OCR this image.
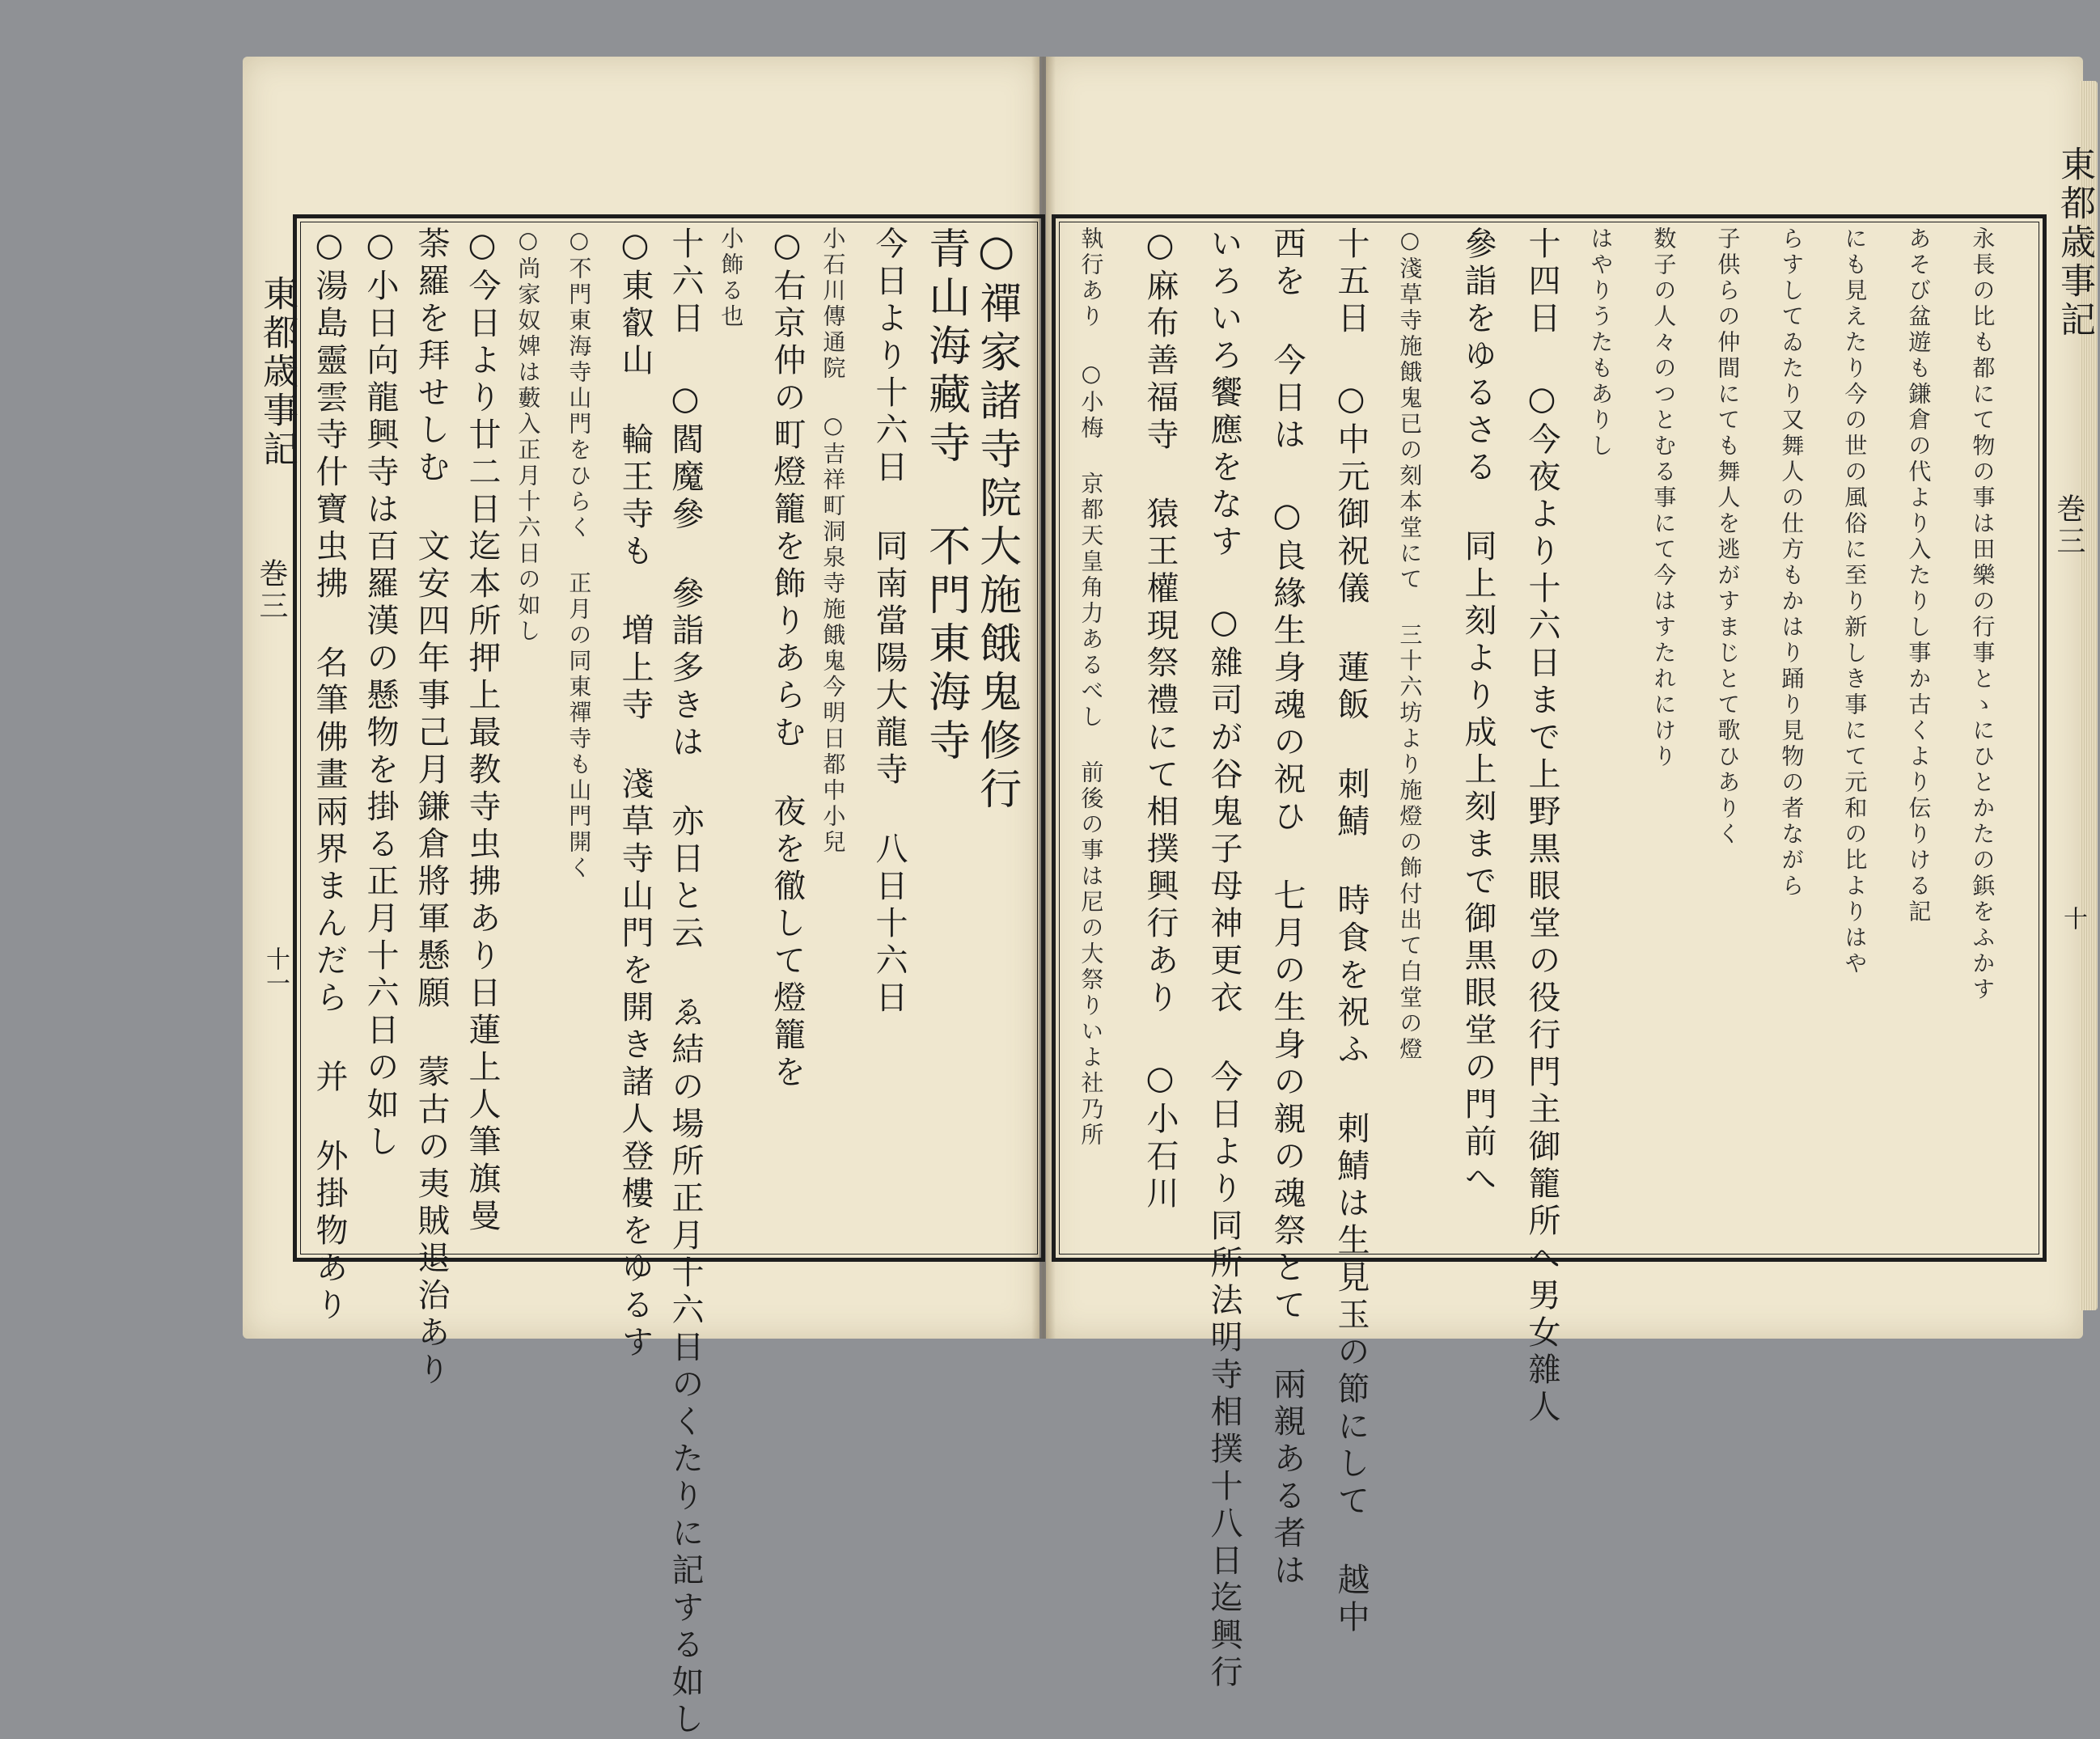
東都歳事記
巻三
十一
東都歳事記
巻三
十
○禪家諸寺院大施餓鬼修行
青山海藏寺 不門東海寺
今日より十六日 同南當陽大龍寺 八日十六日
小石川傳通院 ○吉祥町洞泉寺施餓鬼今明日都中小兒
○右京仲の町燈籠を飾りあらむ 夜を徹して燈籠を
小飾る也
十六日 ○閻魔參 參詣多きは 亦日と云 ゑ結の場所正月十六日のくたりに記する如し
○東叡山 輪王寺も 増上寺 淺草寺山門を開き諸人登樓をゆるす
○不門東海寺山門をひらく 正月の同東禪寺も山門開く
○尚家奴婢は藪入正月十六日の如し
○今日より廿二日迄本所押上最教寺虫拂あり日蓮上人筆旗曼
荼羅を拜せしむ 文安四年事己月鎌倉將軍懸願 蒙古の夷賊退治あり
○小日向龍興寺は百羅漢の懸物を掛る正月十六日の如し
○湯島靈雲寺什寶虫拂 名筆佛畫兩界まんだら 并 外掛物あり	永長の比も都にて物の事は田樂の行事とゝにひとかたの鋲をふかす
あそび盆遊も鎌倉の代より入たりし事か古くより伝りける記
にも見えたり今の世の風俗に至り新しき事にて元和の比よりはや
らすしてゐたり又舞人の仕方もかはり踊り見物の者ながら
子供らの仲間にても舞人を逃がすまじとて歌ひありく
数子の人々のつとむる事にて今はすたれにけり
はやりうたもありし
十四日 ○今夜より十六日まで上野黒眼堂の役行門主御籠所へ男女雜人
參詣をゆるさる 同上刻より成上刻まで御黒眼堂の門前へ
○淺草寺施餓鬼已の刻本堂にて 三十六坊より施燈の飾付出て白堂の燈
十五日 ○中元御祝儀 蓮飯 刺鯖 時食を祝ふ 剌鯖は生見玉の節にして 越中
西を 今日は ○良緣生身魂の祝ひ 七月の生身の親の魂祭とて 兩親ある者は
いろいろ饗應をなす ○雜司が谷鬼子母神更衣 今日より同所法明寺相撲十八日迄興行
○麻布善福寺 猿王權現祭禮にて相撲興行あり ○小石川
執行あり ○小梅 京都天皇角力あるべし 前後の事は尼の大祭りいよ社乃所
